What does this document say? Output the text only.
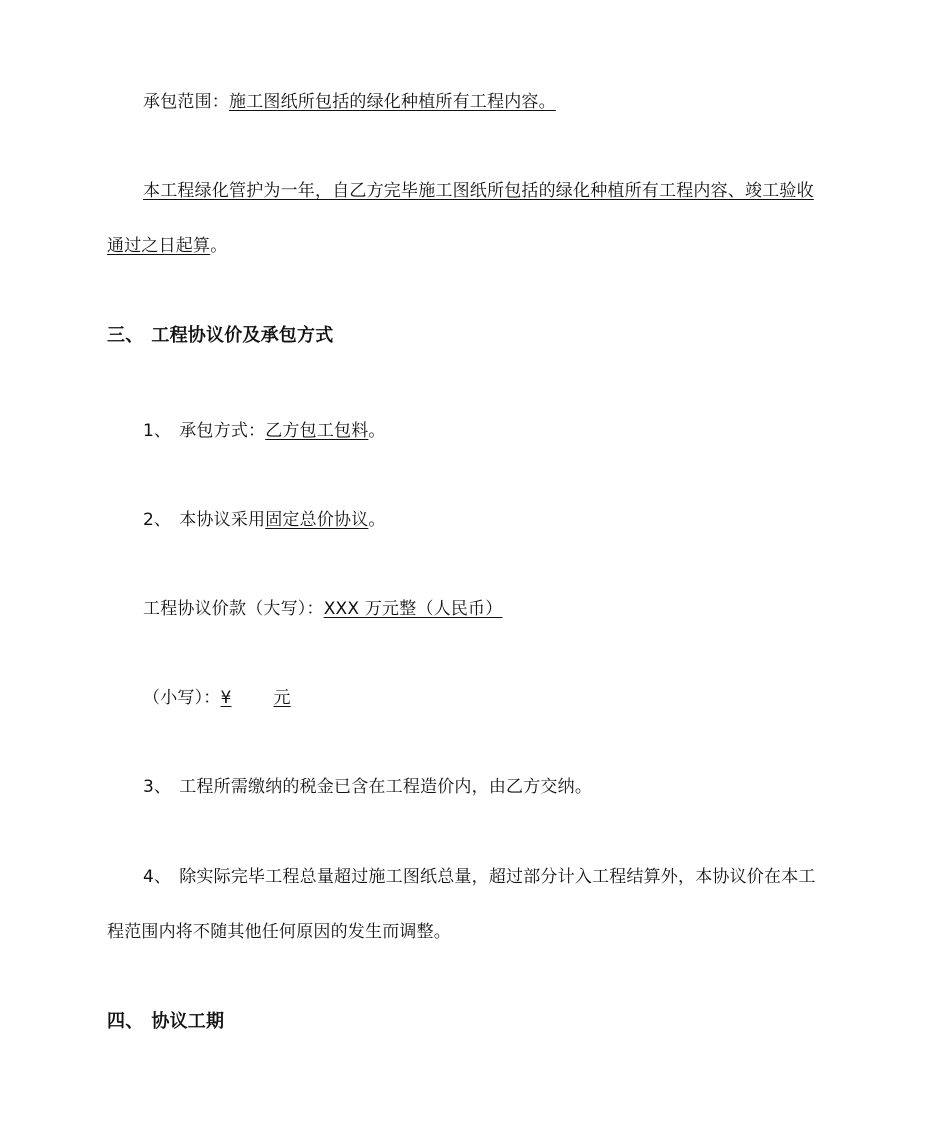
承包范围：施工图纸所包括的绿化种植所有工程内容。
本工程绿化管护为一年，自乙方完毕施工图纸所包括的绿化种植所有工程内容、竣工验收
通过之日起算。
三、 工程协议价及承包方式
1、 承包方式：乙方包工包料。
2、 本协议采用固定总价协议。
工程协议价款（大写）：XXX 万元整（人民币）
（小写）：¥ 元
3、 工程所需缴纳的税金已含在工程造价内，由乙方交纳。
4、 除实际完毕工程总量超过施工图纸总量，超过部分计入工程结算外，本协议价在本工
程范围内将不随其他任何原因的发生而调整。
四、 协议工期
